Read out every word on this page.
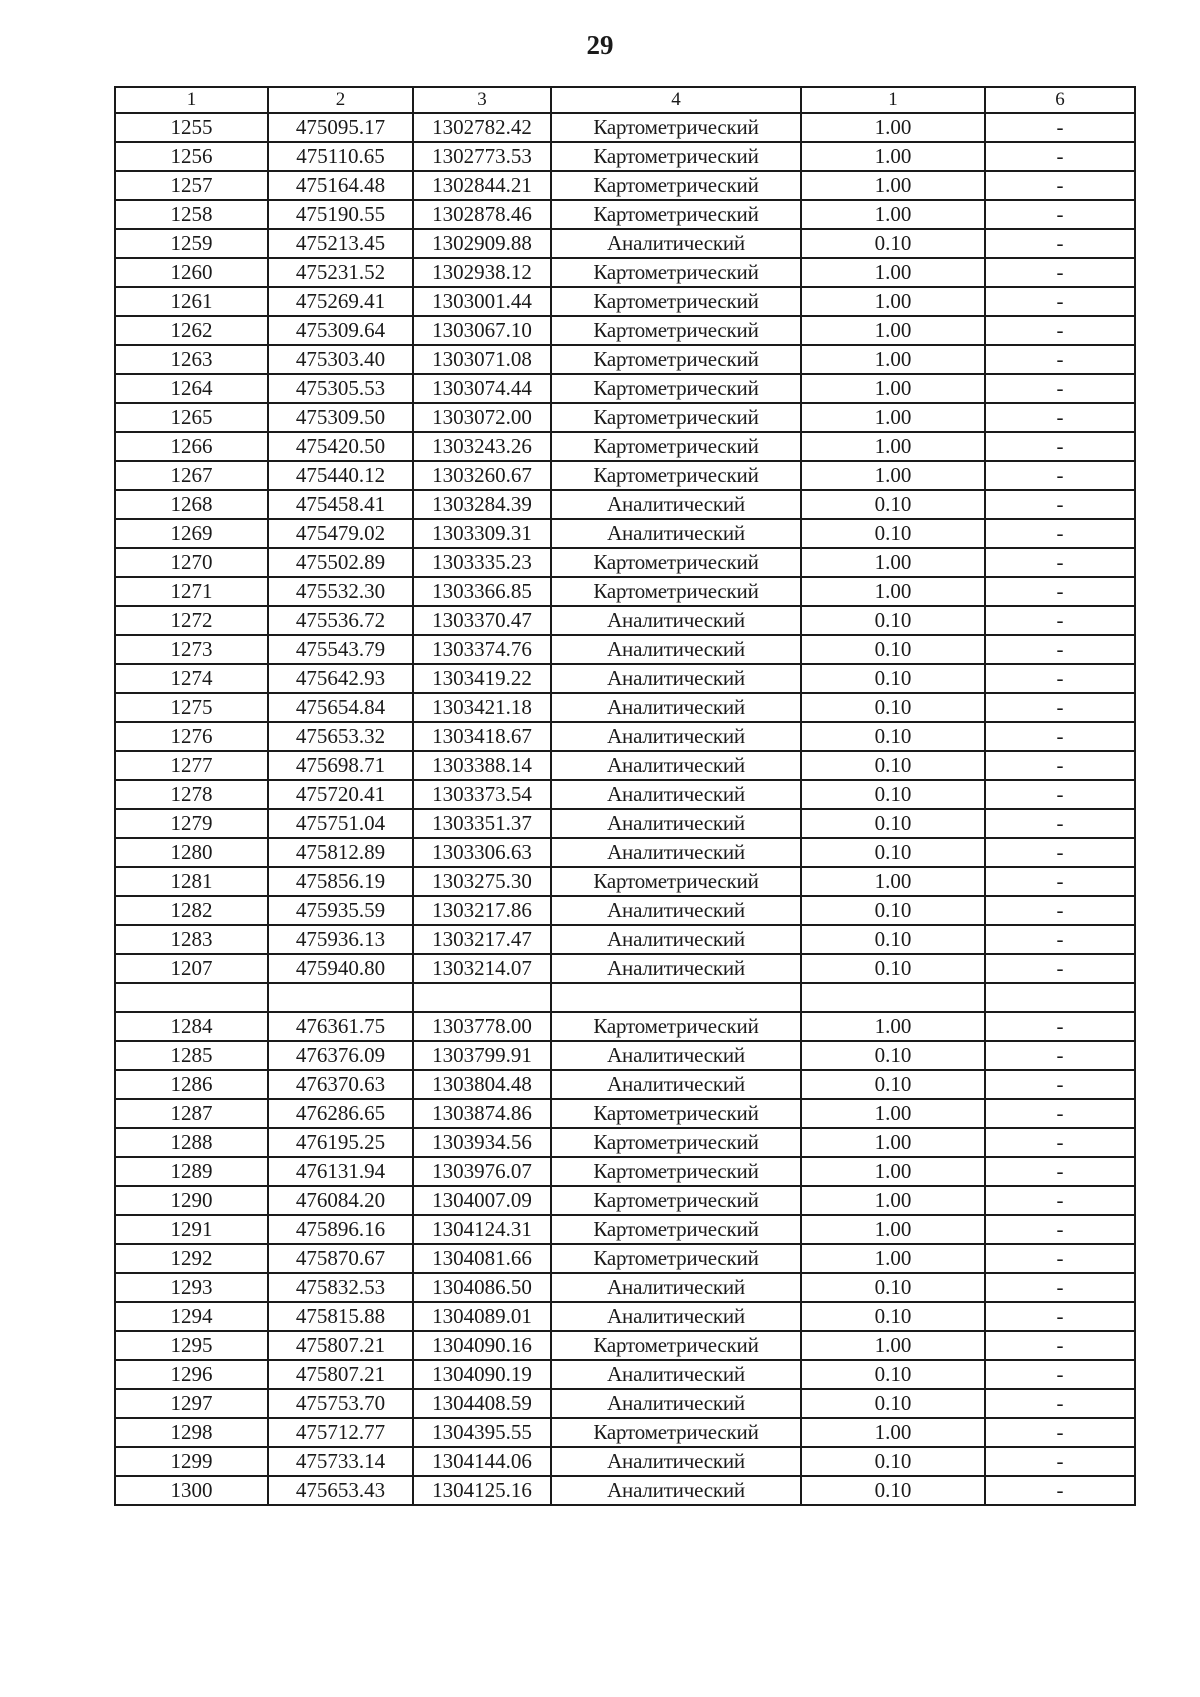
29
1	2	3	4	1	6
1255	475095.17	1302782.42	Картометрический	1.00	-
1256	475110.65	1302773.53	Картометрический	1.00	-
1257	475164.48	1302844.21	Картометрический	1.00	-
1258	475190.55	1302878.46	Картометрический	1.00	-
1259	475213.45	1302909.88	Аналитический	0.10	-
1260	475231.52	1302938.12	Картометрический	1.00	-
1261	475269.41	1303001.44	Картометрический	1.00	-
1262	475309.64	1303067.10	Картометрический	1.00	-
1263	475303.40	1303071.08	Картометрический	1.00	-
1264	475305.53	1303074.44	Картометрический	1.00	-
1265	475309.50	1303072.00	Картометрический	1.00	-
1266	475420.50	1303243.26	Картометрический	1.00	-
1267	475440.12	1303260.67	Картометрический	1.00	-
1268	475458.41	1303284.39	Аналитический	0.10	-
1269	475479.02	1303309.31	Аналитический	0.10	-
1270	475502.89	1303335.23	Картометрический	1.00	-
1271	475532.30	1303366.85	Картометрический	1.00	-
1272	475536.72	1303370.47	Аналитический	0.10	-
1273	475543.79	1303374.76	Аналитический	0.10	-
1274	475642.93	1303419.22	Аналитический	0.10	-
1275	475654.84	1303421.18	Аналитический	0.10	-
1276	475653.32	1303418.67	Аналитический	0.10	-
1277	475698.71	1303388.14	Аналитический	0.10	-
1278	475720.41	1303373.54	Аналитический	0.10	-
1279	475751.04	1303351.37	Аналитический	0.10	-
1280	475812.89	1303306.63	Аналитический	0.10	-
1281	475856.19	1303275.30	Картометрический	1.00	-
1282	475935.59	1303217.86	Аналитический	0.10	-
1283	475936.13	1303217.47	Аналитический	0.10	-
1207	475940.80	1303214.07	Аналитический	0.10	-

1284	476361.75	1303778.00	Картометрический	1.00	-
1285	476376.09	1303799.91	Аналитический	0.10	-
1286	476370.63	1303804.48	Аналитический	0.10	-
1287	476286.65	1303874.86	Картометрический	1.00	-
1288	476195.25	1303934.56	Картометрический	1.00	-
1289	476131.94	1303976.07	Картометрический	1.00	-
1290	476084.20	1304007.09	Картометрический	1.00	-
1291	475896.16	1304124.31	Картометрический	1.00	-
1292	475870.67	1304081.66	Картометрический	1.00	-
1293	475832.53	1304086.50	Аналитический	0.10	-
1294	475815.88	1304089.01	Аналитический	0.10	-
1295	475807.21	1304090.16	Картометрический	1.00	-
1296	475807.21	1304090.19	Аналитический	0.10	-
1297	475753.70	1304408.59	Аналитический	0.10	-
1298	475712.77	1304395.55	Картометрический	1.00	-
1299	475733.14	1304144.06	Аналитический	0.10	-
1300	475653.43	1304125.16	Аналитический	0.10	-
